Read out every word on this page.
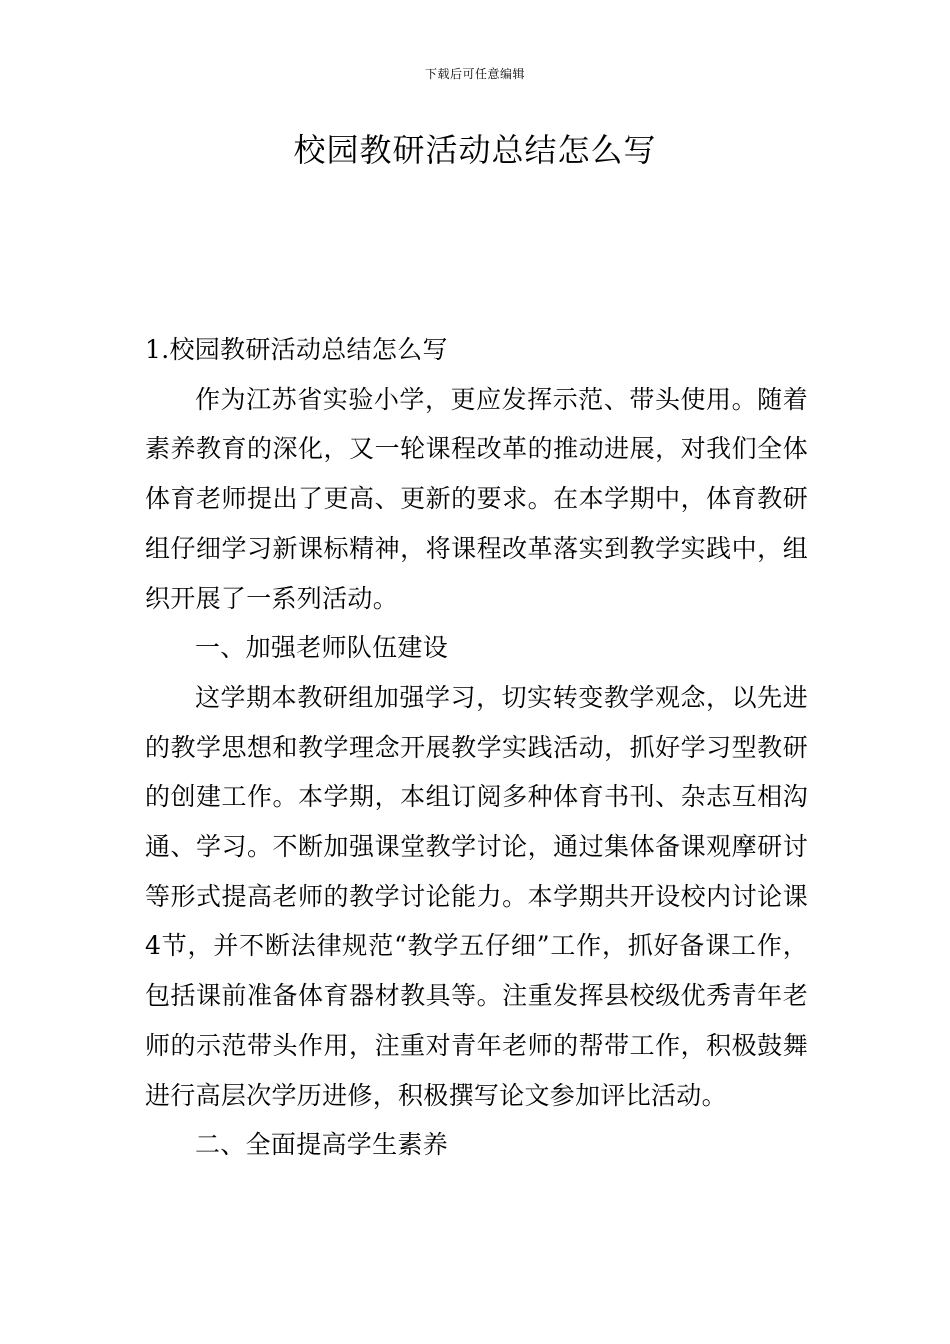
下载后可任意编辑
校园教研活动总结怎么写

1.校园教研活动总结怎么写

作为江苏省实验小学，更应发挥示范、带头使用。随着素养教育的深化，又一轮课程改革的推动进展，对我们全体体育老师提出了更高、更新的要求。在本学期中，体育教研组仔细学习新课标精神，将课程改革落实到教学实践中，组织开展了一系列活动。

一、加强老师队伍建设

这学期本教研组加强学习，切实转变教学观念，以先进的教学思想和教学理念开展教学实践活动，抓好学习型教研的创建工作。本学期，本组订阅多种体育书刊、杂志互相沟通、学习。不断加强课堂教学讨论，通过集体备课观摩研讨等形式提高老师的教学讨论能力。本学期共开设校内讨论课4节，并不断法律规范“教学五仔细”工作，抓好备课工作，包括课前准备体育器材教具等。注重发挥县校级优秀青年老师的示范带头作用，注重对青年老师的帮带工作，积极鼓舞进行高层次学历进修，积极撰写论文参加评比活动。

二、全面提高学生素养
